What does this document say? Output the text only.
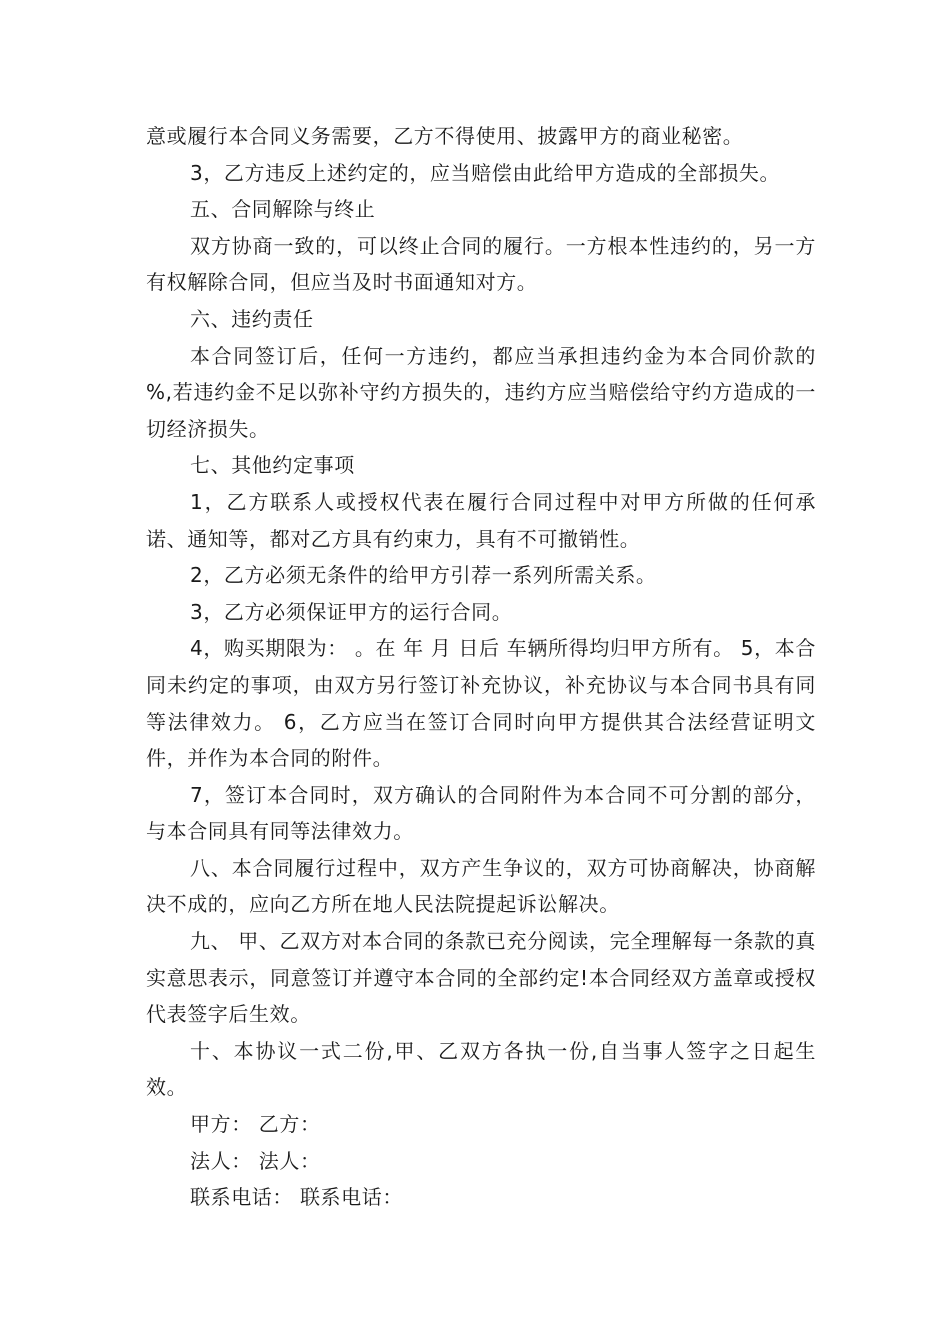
意或履行本合同义务需要，乙方不得使用、披露甲方的商业秘密。

3，乙方违反上述约定的，应当赔偿由此给甲方造成的全部损失。

五、合同解除与终止

双方协商一致的，可以终止合同的履行。一方根本性违约的，另一方有权解除合同，但应当及时书面通知对方。

六、违约责任

本合同签订后，任何一方违约，都应当承担违约金为本合同价款的 %,若违约金不足以弥补守约方损失的，违约方应当赔偿给守约方造成的一切经济损失。

七、其他约定事项

1，乙方联系人或授权代表在履行合同过程中对甲方所做的任何承诺、通知等，都对乙方具有约束力，具有不可撤销性。

2，乙方必须无条件的给甲方引荐一系列所需关系。

3，乙方必须保证甲方的运行合同。

4，购买期限为： 。在 年 月 日后 车辆所得均归甲方所有。 5，本合同未约定的事项，由双方另行签订补充协议，补充协议与本合同书具有同等法律效力。 6，乙方应当在签订合同时向甲方提供其合法经营证明文件，并作为本合同的附件。

7，签订本合同时，双方确认的合同附件为本合同不可分割的部分，与本合同具有同等法律效力。

八、本合同履行过程中，双方产生争议的，双方可协商解决，协商解决不成的，应向乙方所在地人民法院提起诉讼解决。

九、 甲、乙双方对本合同的条款已充分阅读，完全理解每一条款的真实意思表示，同意签订并遵守本合同的全部约定!本合同经双方盖章或授权代表签字后生效。

十、本协议一式二份,甲、乙双方各执一份,自当事人签字之日起生效。

甲方： 乙方：

法人： 法人：

联系电话： 联系电话：
